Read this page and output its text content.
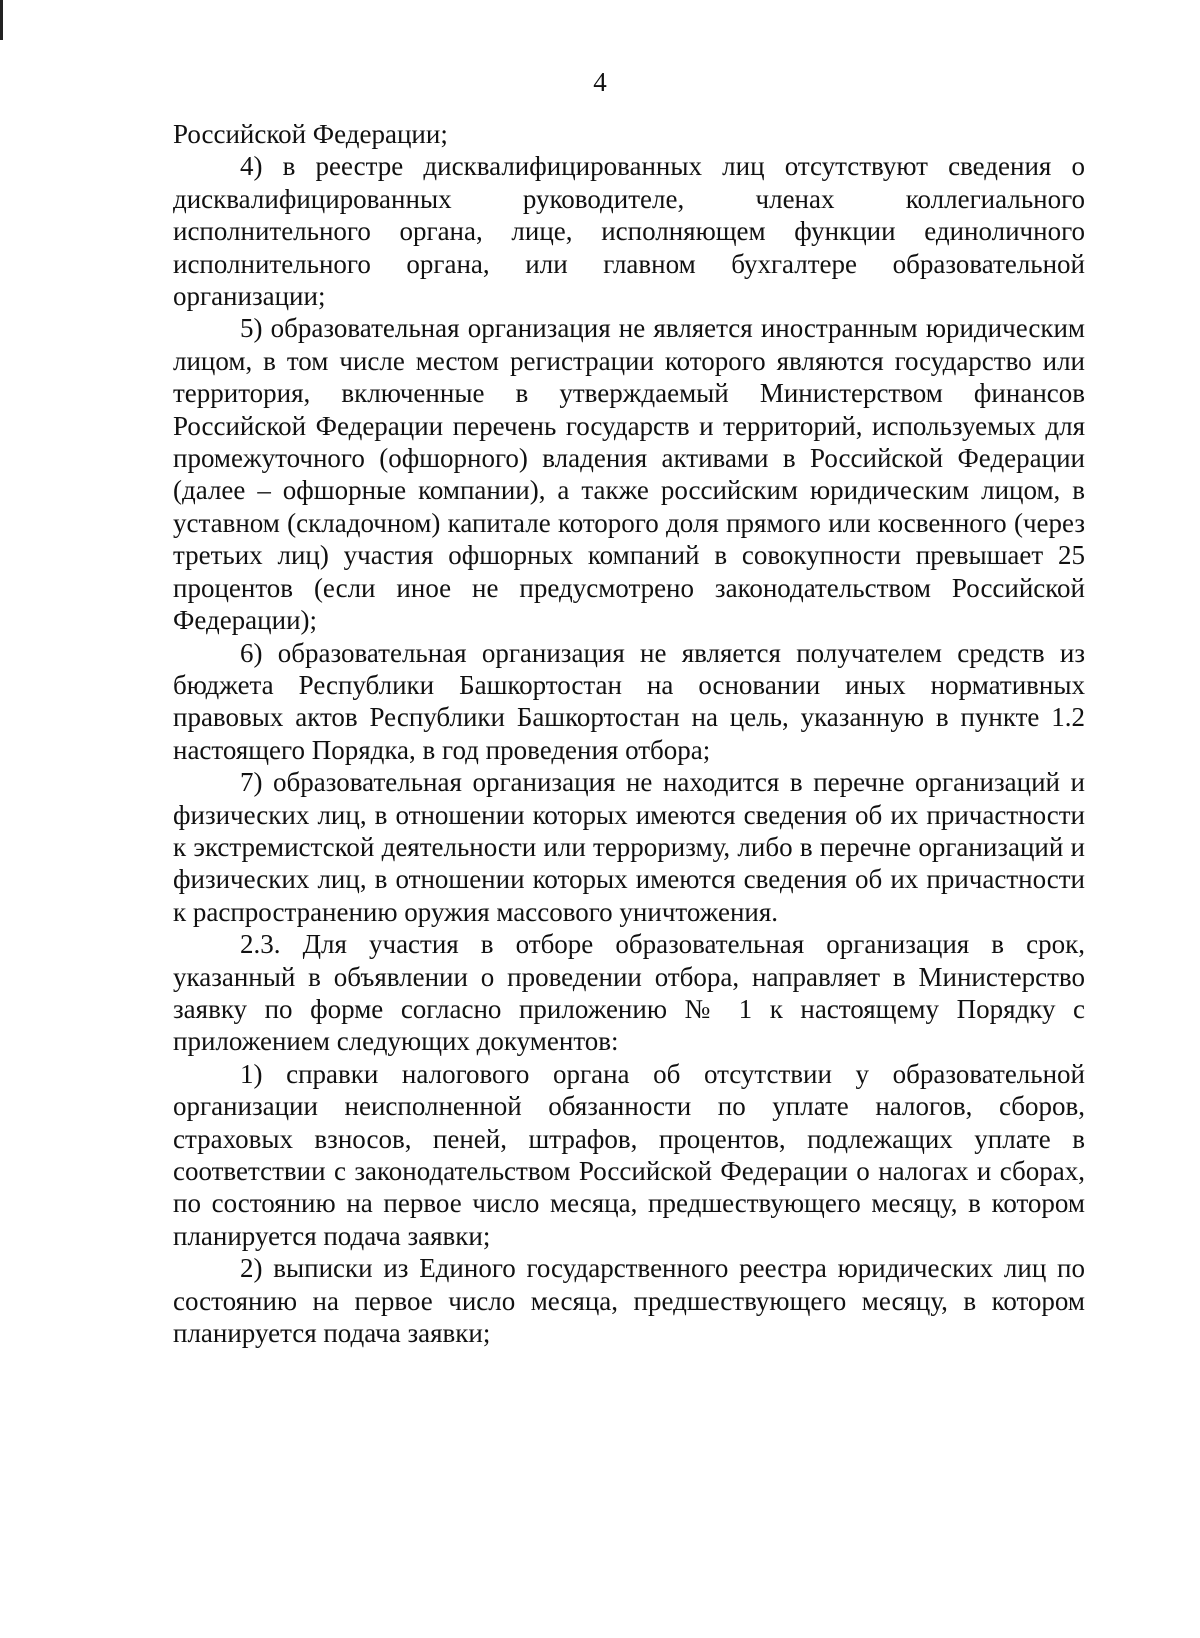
4

Российской Федерации;

4) в реестре дисквалифицированных лиц отсутствуют сведения о дисквалифицированных руководителе, членах коллегиального исполнительного органа, лице, исполняющем функции единоличного исполнительного органа, или главном бухгалтере образовательной организации;

5) образовательная организация не является иностранным юридическим лицом, в том числе местом регистрации которого являются государство или территория, включенные в утверждаемый Министерством финансов Российской Федерации перечень государств и территорий, используемых для промежуточного (офшорного) владения активами в Российской Федерации (далее – офшорные компании), а также российским юридическим лицом, в уставном (складочном) капитале которого доля прямого или косвенного (через третьих лиц) участия офшорных компаний в совокупности превышает 25 процентов (если иное не предусмотрено законодательством Российской Федерации);

6) образовательная организация не является получателем средств из бюджета Республики Башкортостан на основании иных нормативных правовых актов Республики Башкортостан на цель, указанную в пункте 1.2 настоящего Порядка, в год проведения отбора;

7) образовательная организация не находится в перечне организаций и физических лиц, в отношении которых имеются сведения об их причастности к экстремистской деятельности или терроризму, либо в перечне организаций и физических лиц, в отношении которых имеются сведения об их причастности к распространению оружия массового уничтожения.

2.3. Для участия в отборе образовательная организация в срок, указанный в объявлении о проведении отбора, направляет в Министерство заявку по форме согласно приложению № 1 к настоящему Порядку с приложением следующих документов:

1) справки налогового органа об отсутствии у образовательной организации неисполненной обязанности по уплате налогов, сборов, страховых взносов, пеней, штрафов, процентов, подлежащих уплате в соответствии с законодательством Российской Федерации о налогах и сборах, по состоянию на первое число месяца, предшествующего месяцу, в котором планируется подача заявки;

2) выписки из Единого государственного реестра юридических лиц по состоянию на первое число месяца, предшествующего месяцу, в котором планируется подача заявки;
